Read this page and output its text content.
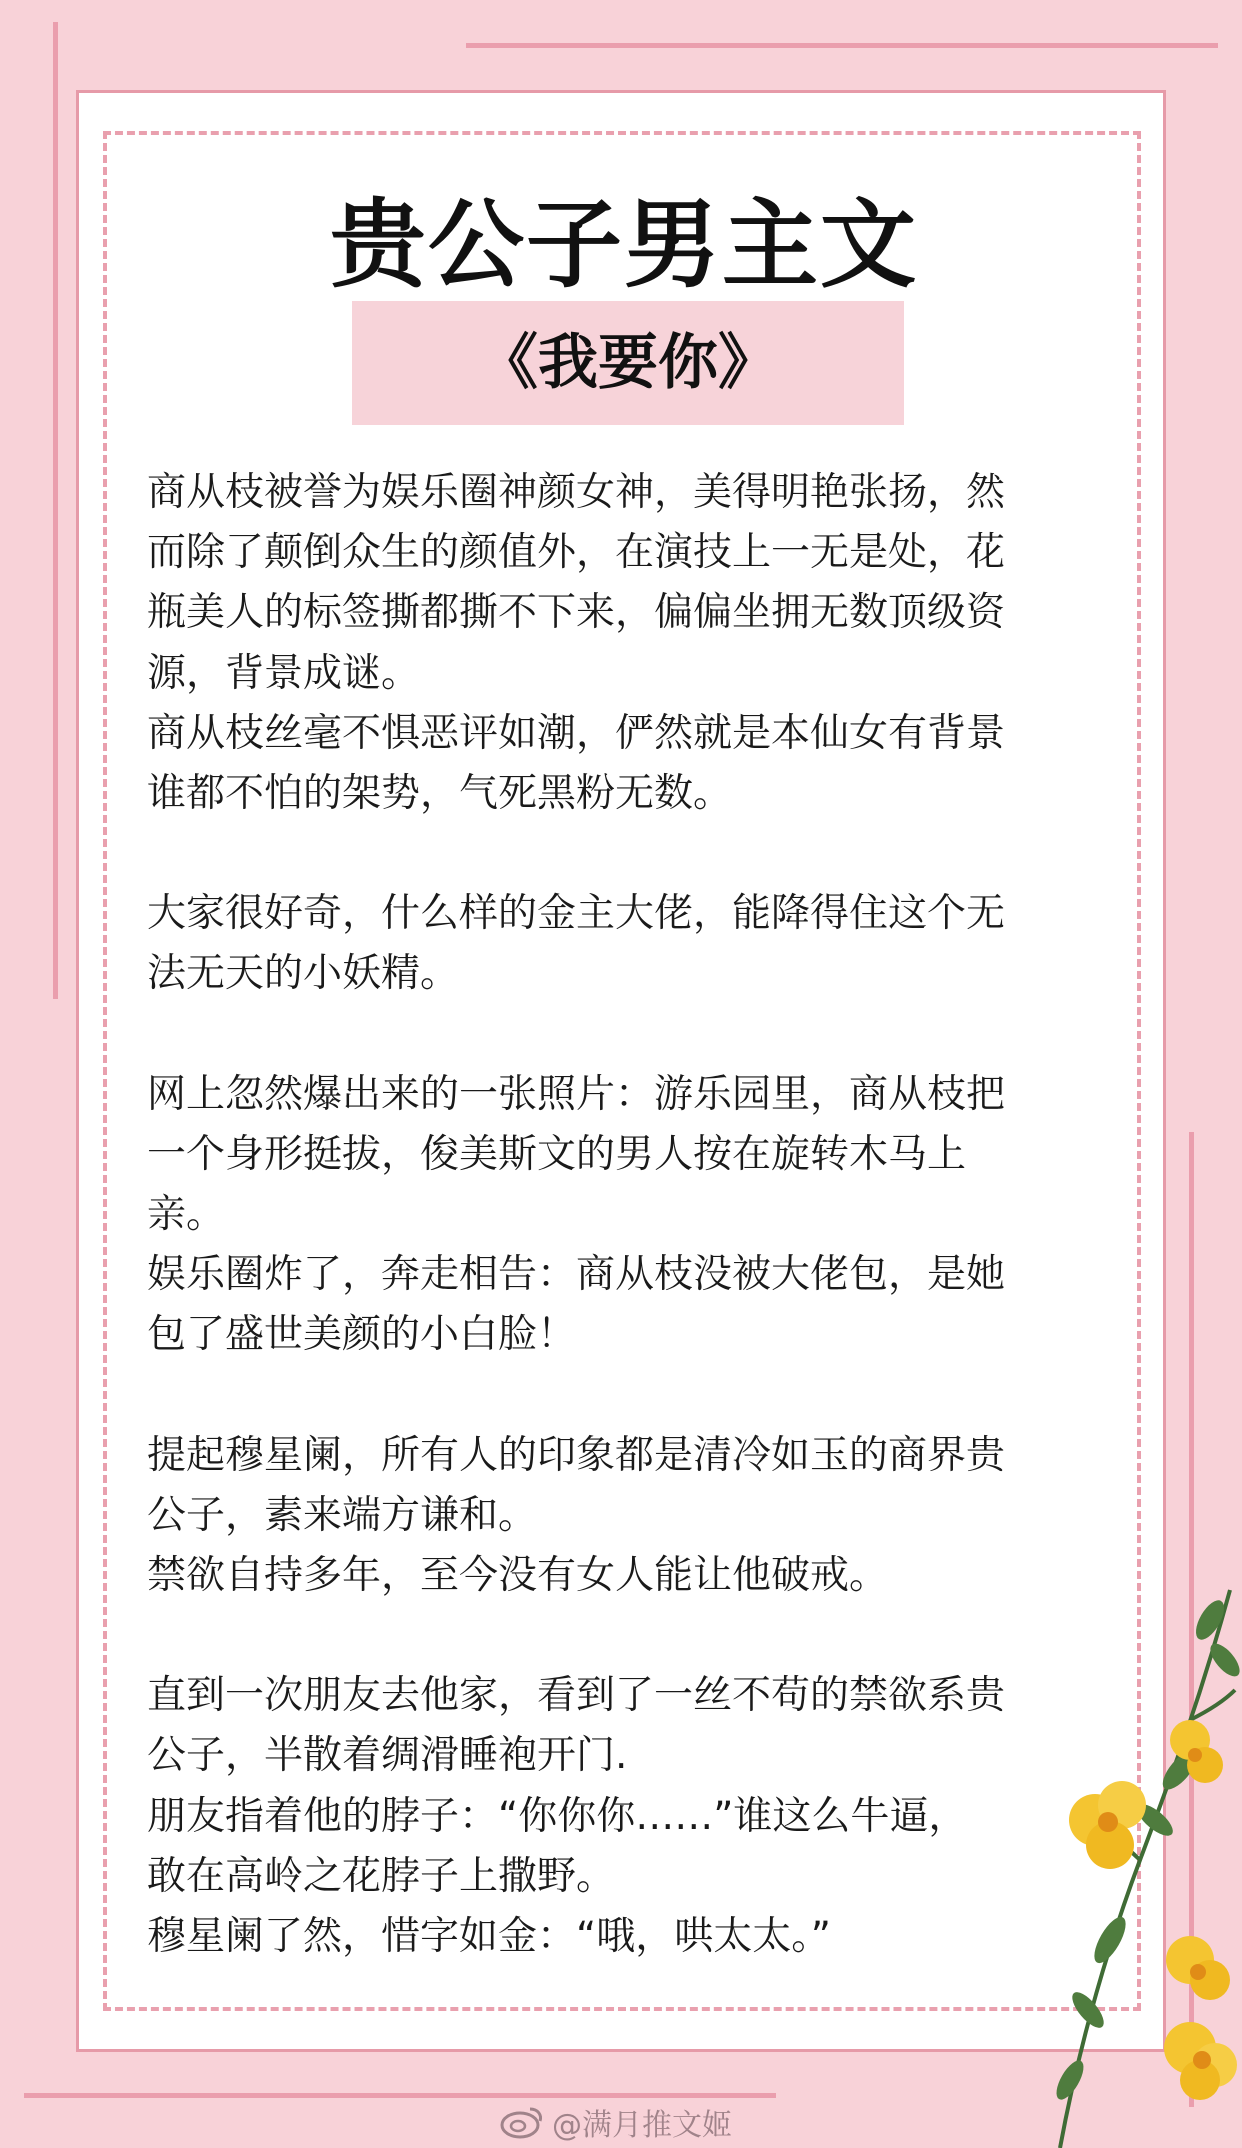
贵公子男主文
《我要你》

商从枝被誉为娱乐圈神颜女神，美得明艳张扬，然

而除了颠倒众生的颜值外，在演技上一无是处，花

瓶美人的标签撕都撕不下来，偏偏坐拥无数顶级资

源，背景成谜。

商从枝丝毫不惧恶评如潮，俨然就是本仙女有背景

谁都不怕的架势，气死黑粉无数。

大家很好奇，什么样的金主大佬，能降得住这个无

法无天的小妖精。

网上忽然爆出来的一张照片：游乐园里，商从枝把

一个身形挺拔，俊美斯文的男人按在旋转木马上

亲。

娱乐圈炸了，奔走相告：商从枝没被大佬包，是她

包了盛世美颜的小白脸！

提起穆星阑，所有人的印象都是清冷如玉的商界贵

公子，素来端方谦和。

禁欲自持多年，至今没有女人能让他破戒。

直到一次朋友去他家，看到了一丝不苟的禁欲系贵

公子，半散着绸滑睡袍开门.

朋友指着他的脖子：“你你你……”谁这么牛逼，

敢在高岭之花脖子上撒野。

穆星阑了然，惜字如金：“哦，哄太太。”

@满月推文姬
